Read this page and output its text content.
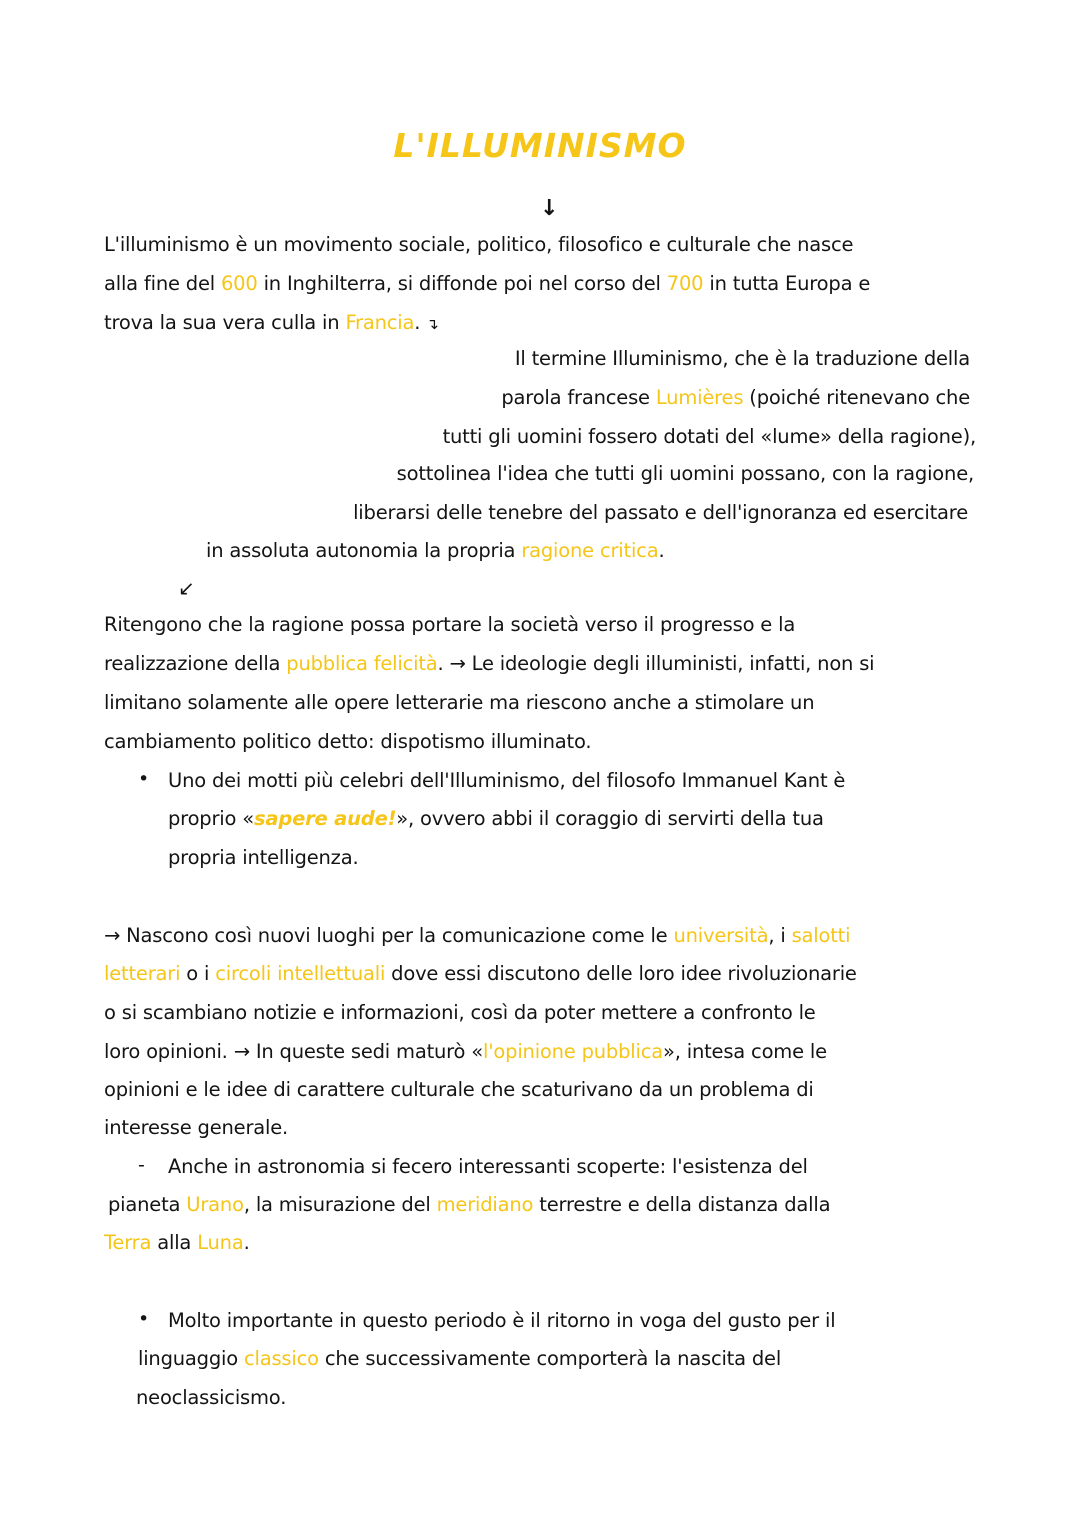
L'ILLUMINISMO
↓
L'illuminismo è un movimento sociale, politico, filosofico e culturale che nasce
alla fine del 600 in Inghilterra, si diffonde poi nel corso del 700 in tutta Europa e
trova la sua vera culla in Francia. ↴
Il termine Illuminismo, che è la traduzione della
parola francese Lumières (poiché ritenevano che
tutti gli uomini fossero dotati del «lume» della ragione),
sottolinea l'idea che tutti gli uomini possano, con la ragione,
liberarsi delle tenebre del passato e dell'ignoranza ed esercitare
in assoluta autonomia la propria ragione critica.
↙
Ritengono che la ragione possa portare la società verso il progresso e la
realizzazione della pubblica felicità. → Le ideologie degli illuministi, infatti, non si
limitano solamente alle opere letterarie ma riescono anche a stimolare un
cambiamento politico detto: dispotismo illuminato.
• Uno dei motti più celebri dell'Illuminismo, del filosofo Immanuel Kant è
proprio «sapere aude!», ovvero abbi il coraggio di servirti della tua
propria intelligenza.
→ Nascono così nuovi luoghi per la comunicazione come le università, i salotti
letterari o i circoli intellettuali dove essi discutono delle loro idee rivoluzionarie
o si scambiano notizie e informazioni, così da poter mettere a confronto le
loro opinioni. → In queste sedi maturò «l'opinione pubblica», intesa come le
opinioni e le idee di carattere culturale che scaturivano da un problema di
interesse generale.
- Anche in astronomia si fecero interessanti scoperte: l'esistenza del
pianeta Urano, la misurazione del meridiano terrestre e della distanza dalla
Terra alla Luna.
• Molto importante in questo periodo è il ritorno in voga del gusto per il
linguaggio classico che successivamente comporterà la nascita del
neoclassicismo.
